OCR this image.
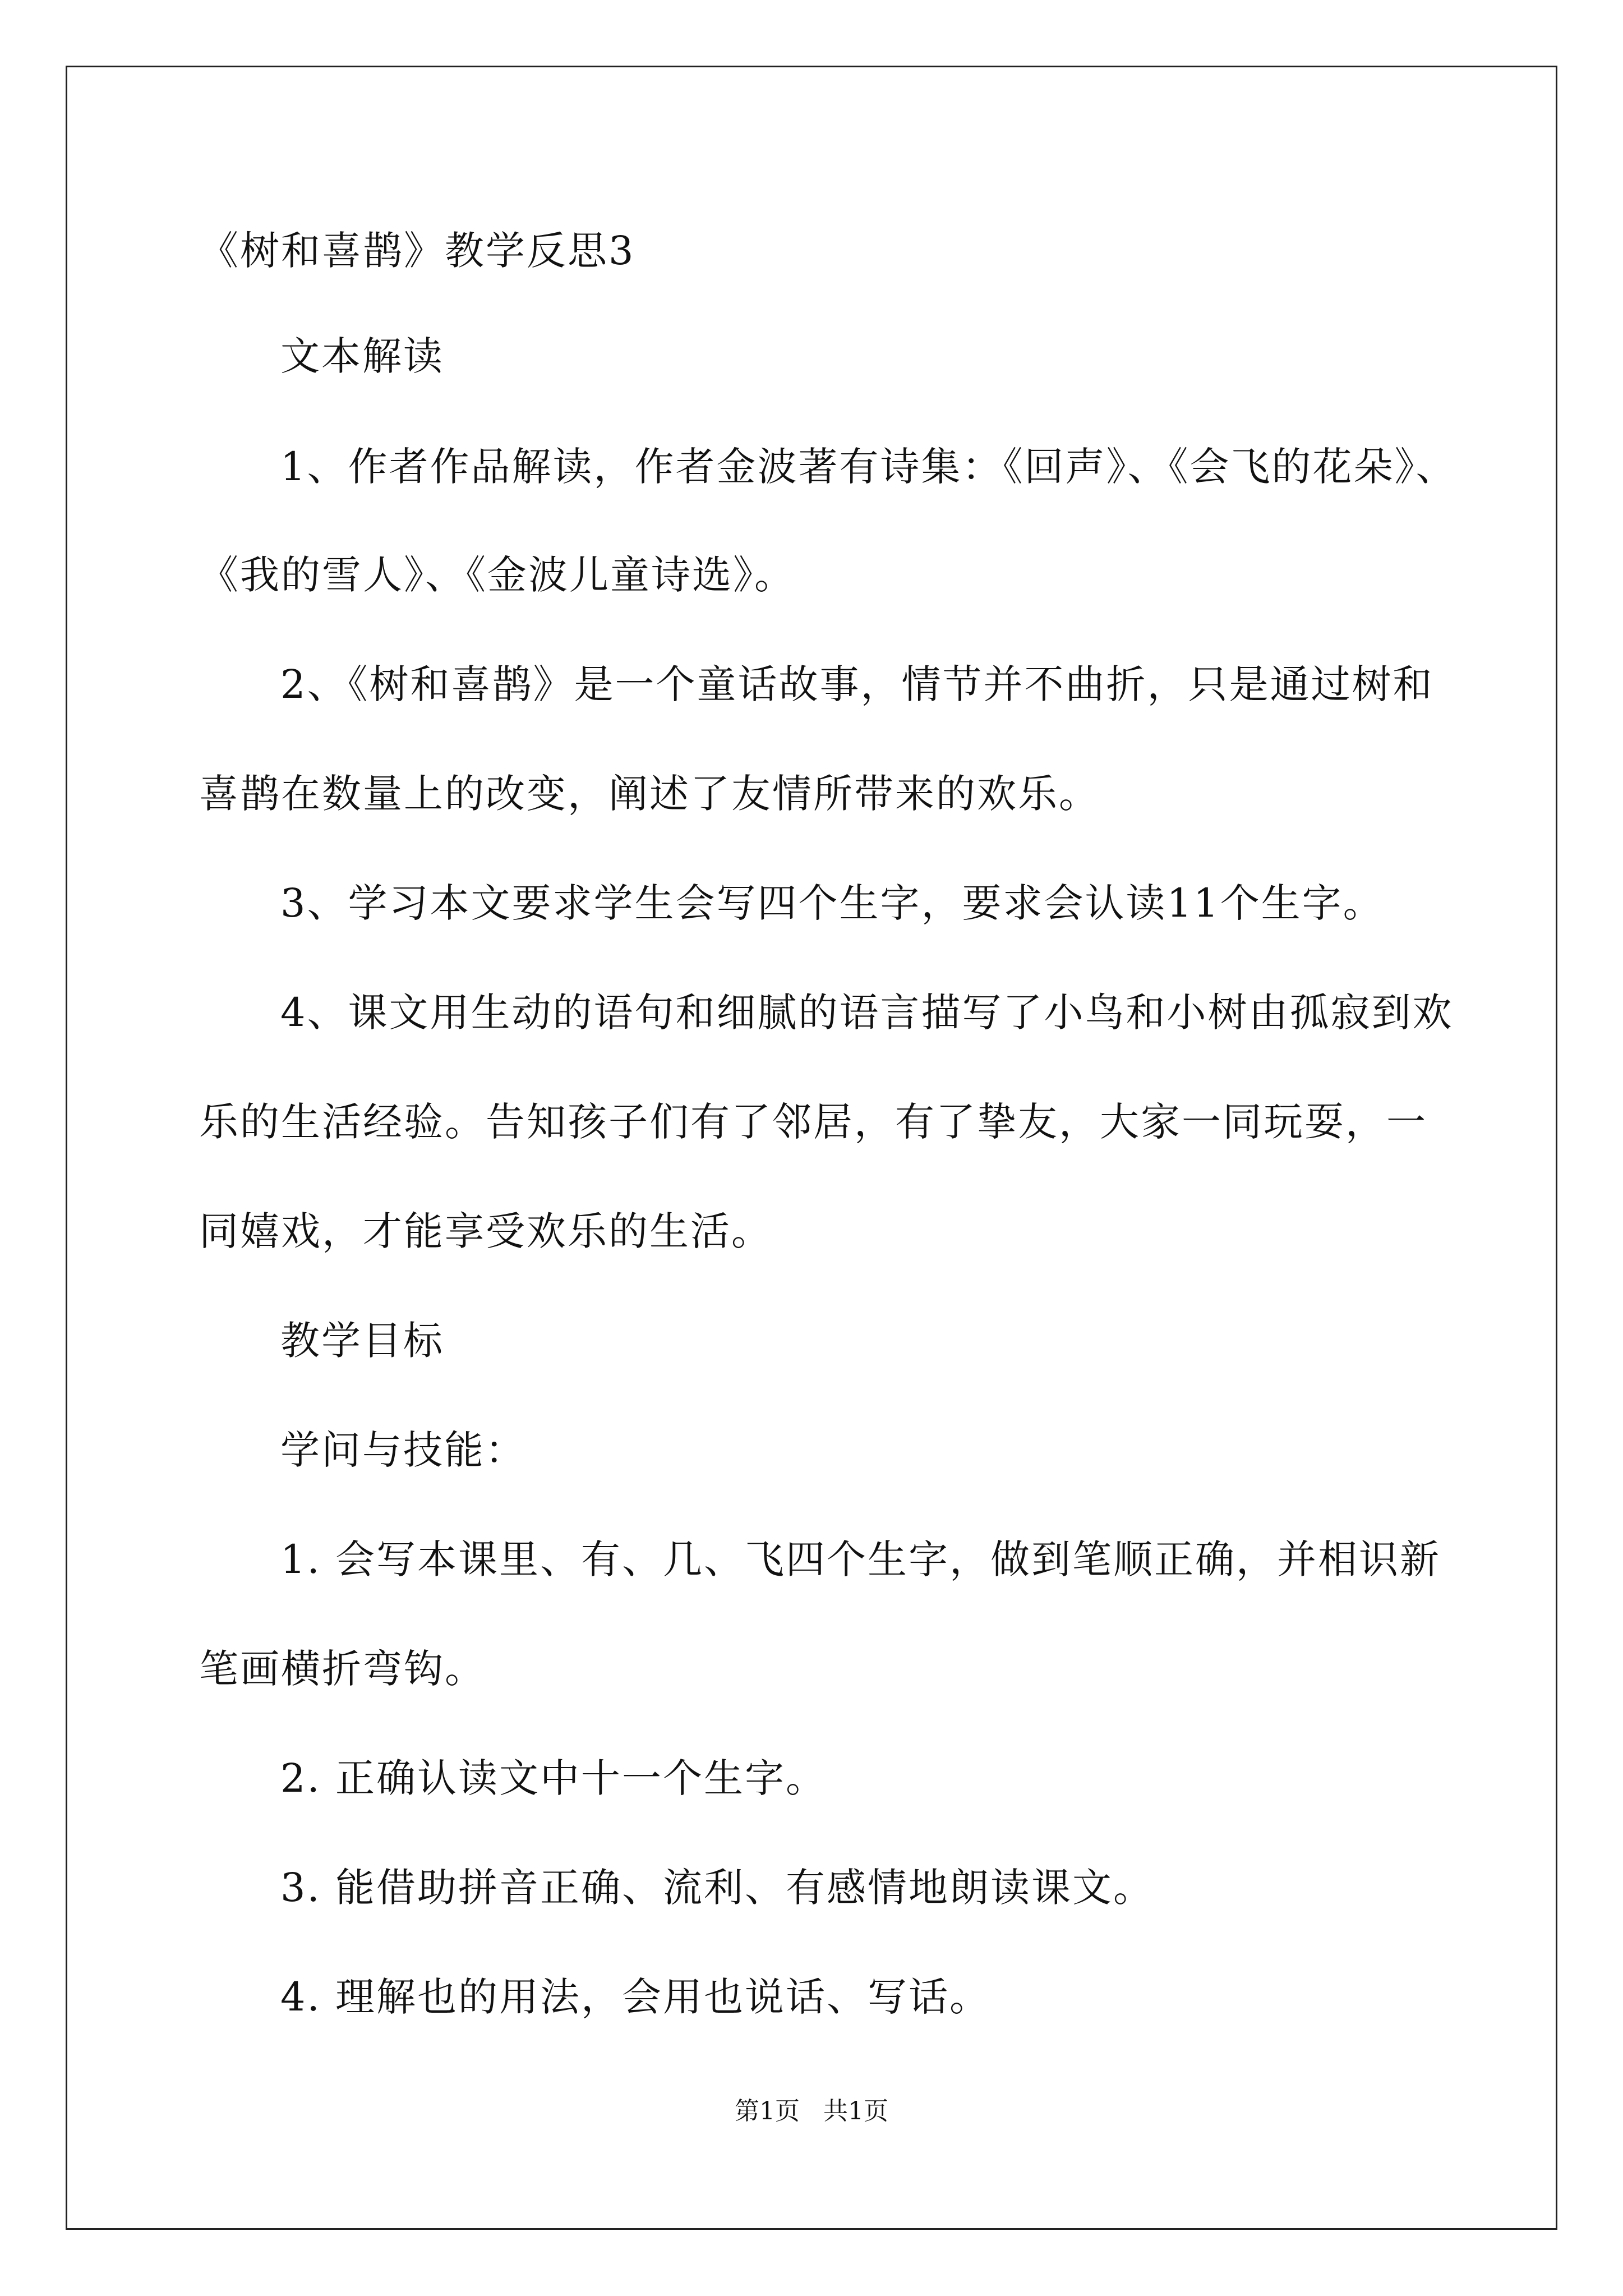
《树和喜鹊》教学反思3
文本解读
1、作者作品解读，作者金波著有诗集：《回声》、《会飞的花朵》、
《我的雪人》、《金波儿童诗选》。
2、《树和喜鹊》是一个童话故事，情节并不曲折，只是通过树和
喜鹊在数量上的改变，阐述了友情所带来的欢乐。
3、学习本文要求学生会写四个生字，要求会认读11个生字。
4、课文用生动的语句和细腻的语言描写了小鸟和小树由孤寂到欢
乐的生活经验。告知孩子们有了邻居，有了挚友，大家一同玩耍，一
同嬉戏，才能享受欢乐的生活。
教学目标
学问与技能：
1. 会写本课里、有、几、飞四个生字，做到笔顺正确，并相识新
笔画横折弯钩。
2. 正确认读文中十一个生字。
3. 能借助拼音正确、流利、有感情地朗读课文。
4. 理解也的用法，会用也说话、写话。
第1页   共1页
